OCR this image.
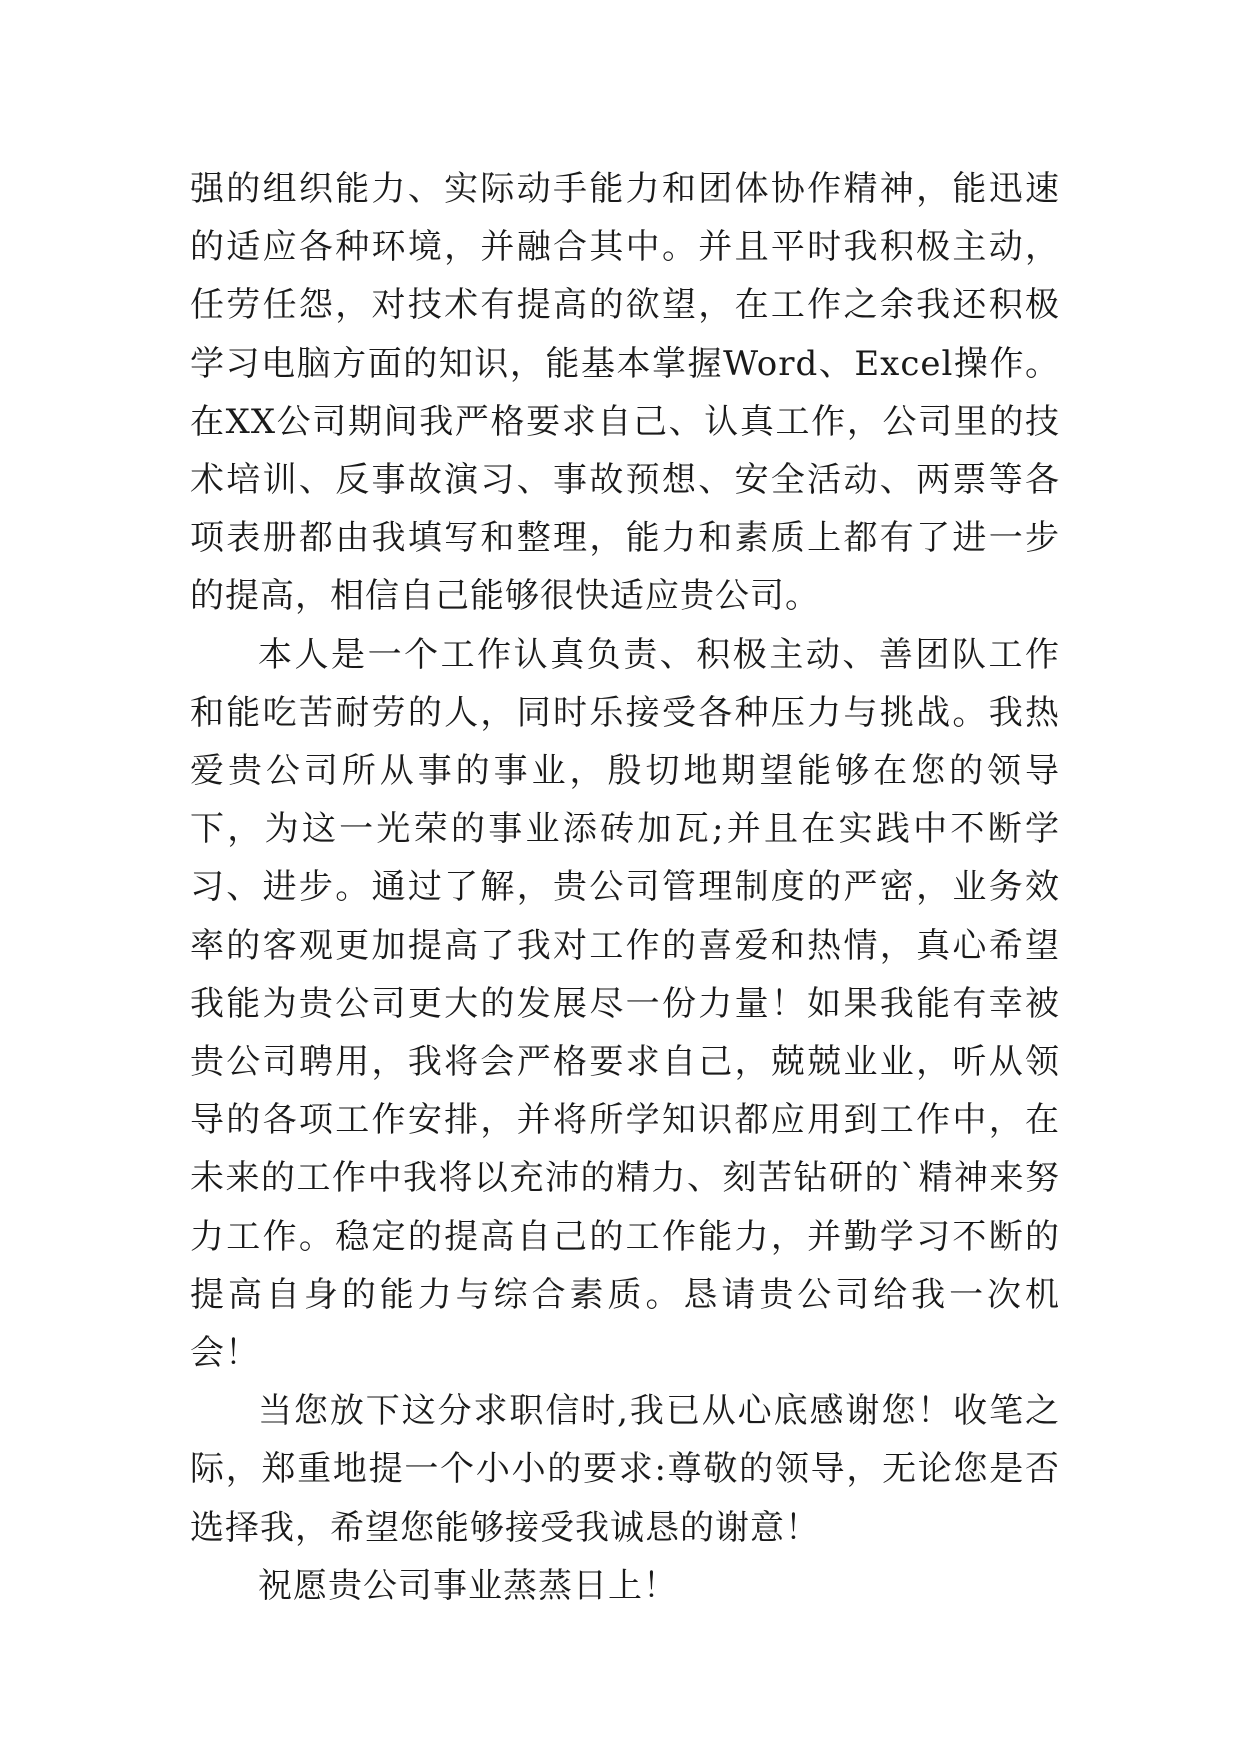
强的组织能力、实际动手能力和团体协作精神，能迅速的适应各种环境，并融合其中。并且平时我积极主动，任劳任怨，对技术有提高的欲望，在工作之余我还积极学习电脑方面的知识，能基本掌握Word、Excel操作。在XX公司期间我严格要求自己、认真工作，公司里的技术培训、反事故演习、事故预想、安全活动、两票等各项表册都由我填写和整理，能力和素质上都有了进一步的提高，相信自己能够很快适应贵公司。

本人是一个工作认真负责、积极主动、善团队工作和能吃苦耐劳的人，同时乐接受各种压力与挑战。我热爱贵公司所从事的事业，殷切地期望能够在您的领导下，为这一光荣的事业添砖加瓦;并且在实践中不断学习、进步。通过了解，贵公司管理制度的严密，业务效率的客观更加提高了我对工作的喜爱和热情，真心希望我能为贵公司更大的发展尽一份力量！如果我能有幸被贵公司聘用，我将会严格要求自己，兢兢业业，听从领导的各项工作安排，并将所学知识都应用到工作中，在未来的工作中我将以充沛的精力、刻苦钻研的`精神来努力工作。稳定的提高自己的工作能力，并勤学习不断的提高自身的能力与综合素质。恳请贵公司给我一次机会！

当您放下这分求职信时,我已从心底感谢您！收笔之际，郑重地提一个小小的要求:尊敬的领导，无论您是否选择我，希望您能够接受我诚恳的谢意！

祝愿贵公司事业蒸蒸日上！
